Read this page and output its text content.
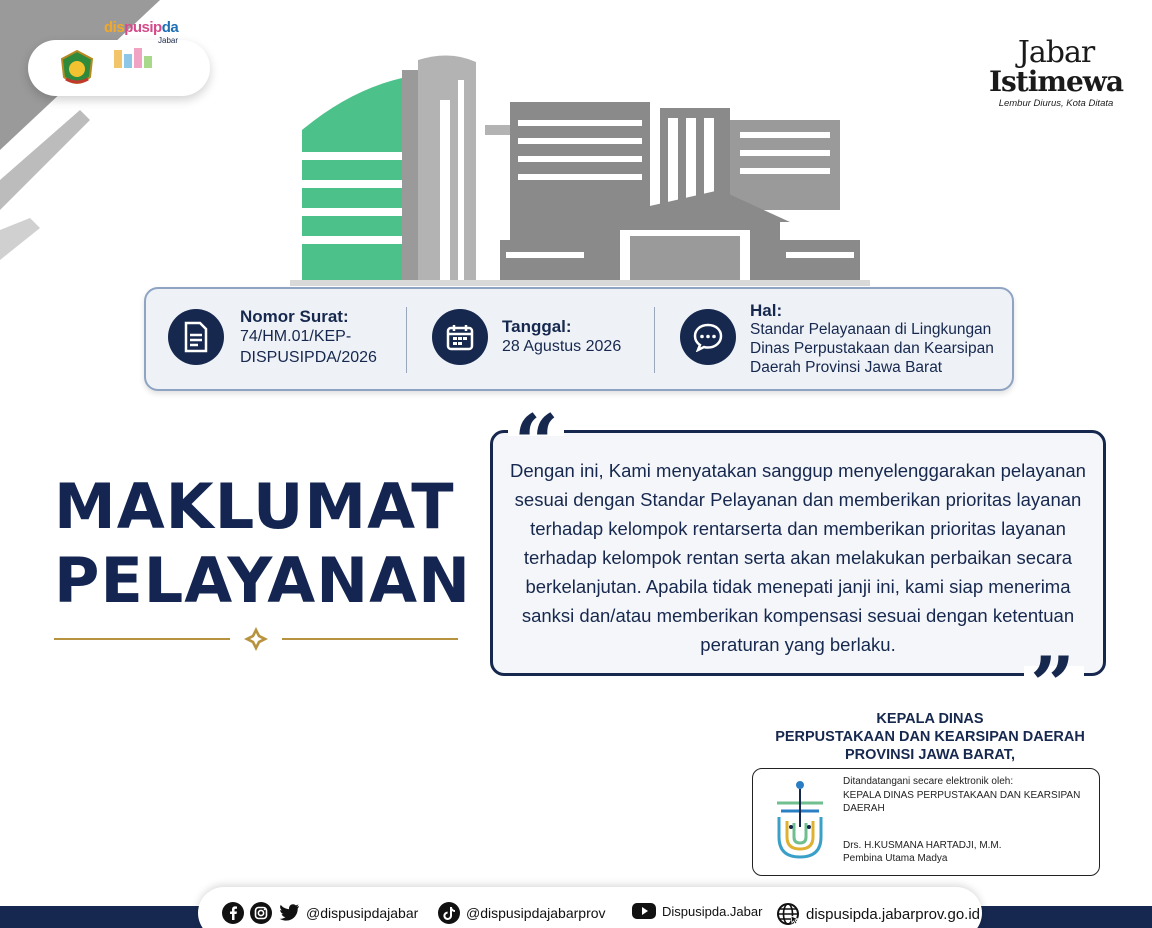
dispusipda
Jabar	Jabar
Istimewa
Lembur Diurus, Kota Ditata
Nomor Surat:
74/HM.01/KEP-
DISPUSIPDA/2026
Tanggal:
28 Agustus 2026
Hal:
Standar Pelayanaan di Lingkungan
Dinas Perpustakaan dan Kearsipan
Daerah Provinsi Jawa Barat
MAKLUMAT
PELAYANAN
“
”
Dengan ini, Kami menyatakan sanggup menyelenggarakan pelayanan sesuai dengan Standar Pelayanan dan memberikan prioritas layanan terhadap kelompok rentarserta dan memberikan prioritas layanan terhadap kelompok rentan serta akan melakukan perbaikan secara berkelanjutan. Apabila tidak menepati janji ini, kami siap menerima sanksi dan/atau memberikan kompensasi sesuai dengan ketentuan peraturan yang berlaku.
KEPALA DINAS
PERPUSTAKAAN DAN KEARSIPAN DAERAH
PROVINSI JAWA BARAT,
Ditandatangani secare elektronik oleh:
KEPALA DINAS PERPUSTAKAAN DAN KEARSIPAN
DAERAH
Drs. H.KUSMANA HARTADJI, M.M.
Pembina Utama Madya
@dispusipdajabar	@dispusipdajabarprov	Dispusipda.Jabar	dispusipda.jabarprov.go.id
